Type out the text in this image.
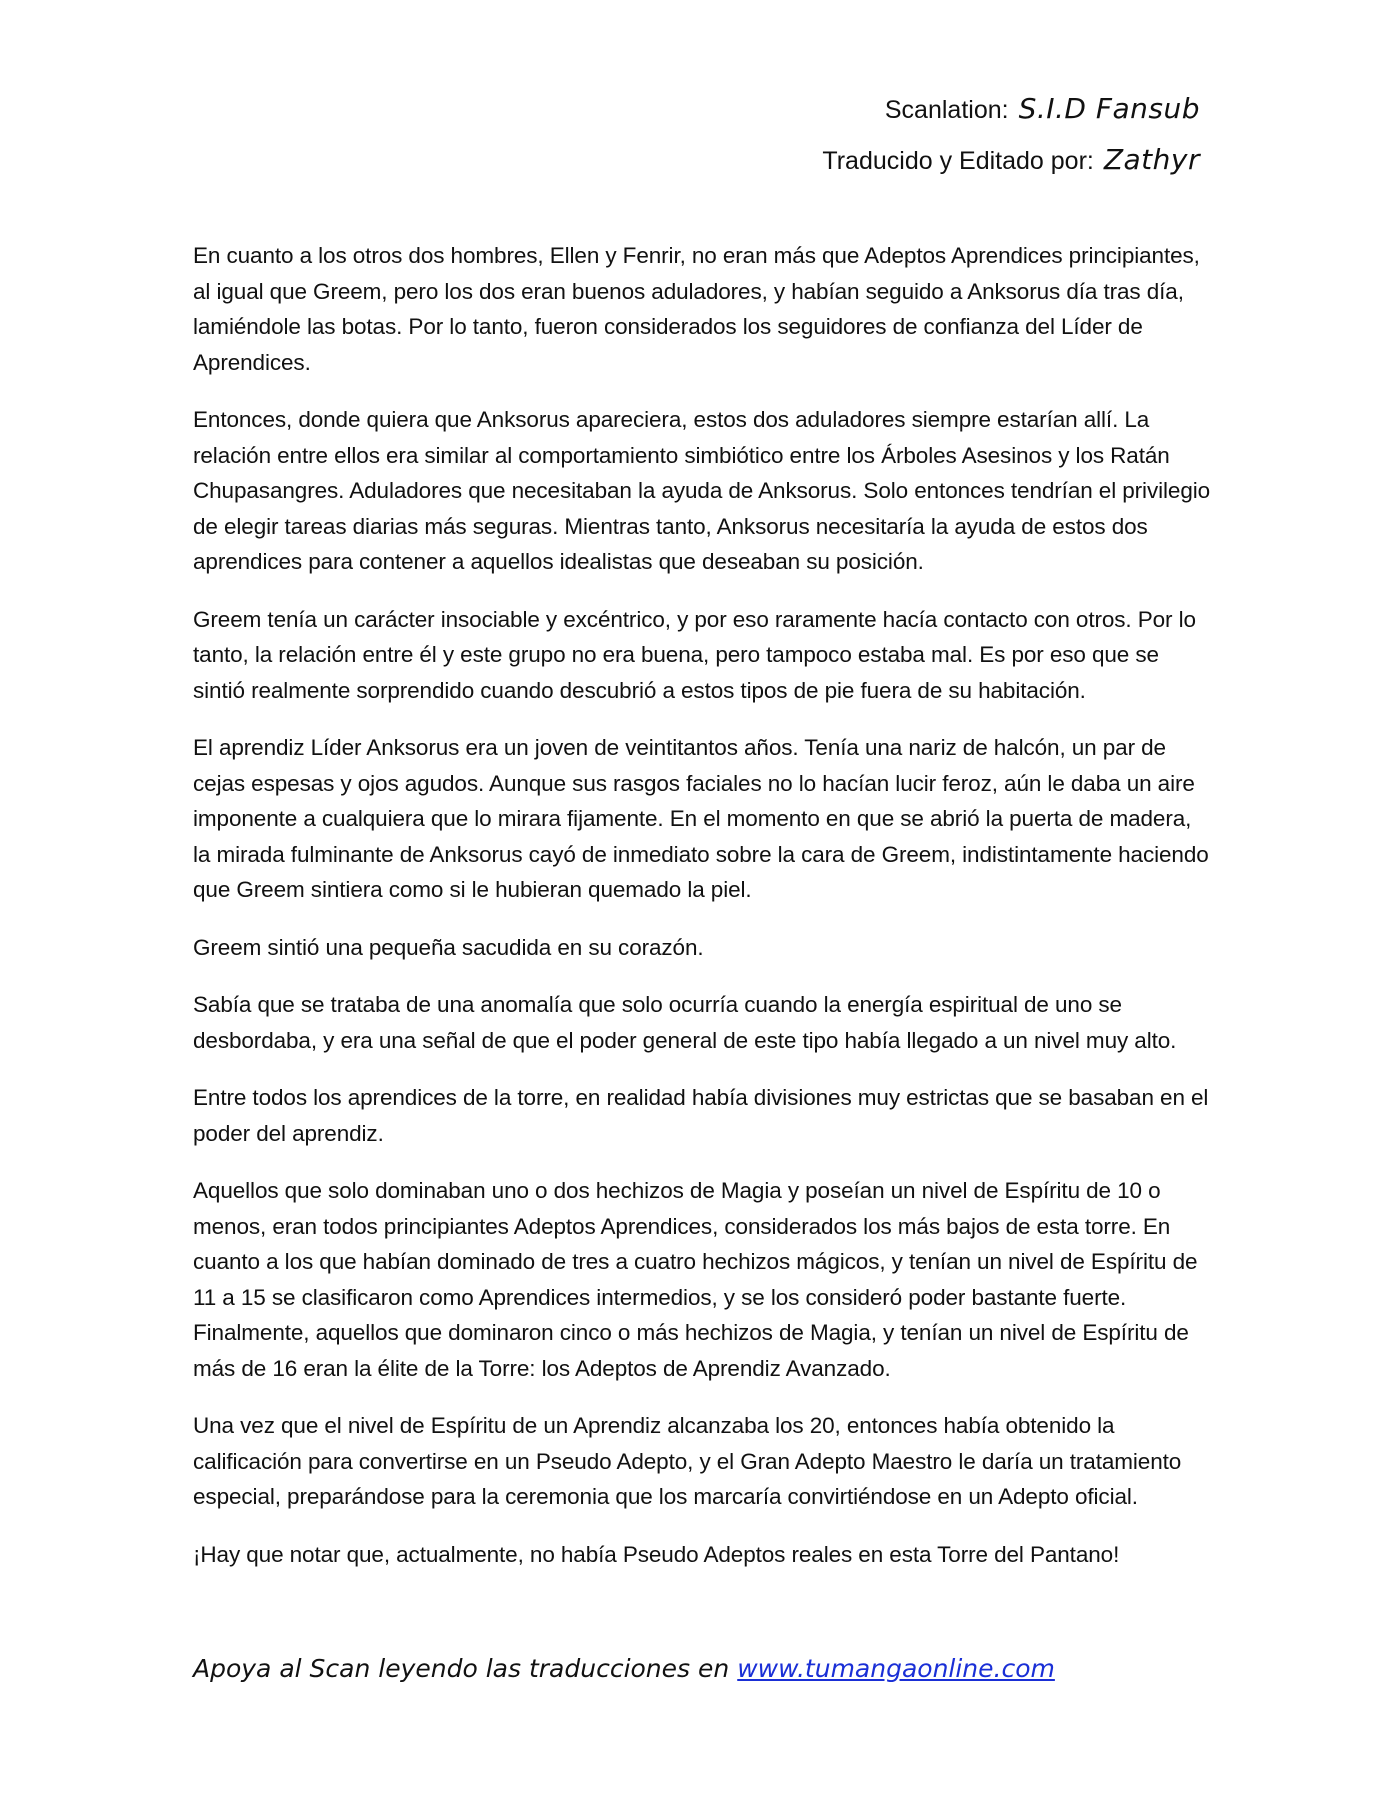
Scanlation: S.I.D Fansub
Traducido y Editado por: Zathyr

En cuanto a los otros dos hombres, Ellen y Fenrir, no eran más que Adeptos Aprendices principiantes, al igual que Greem, pero los dos eran buenos aduladores, y habían seguido a Anksorus día tras día, lamiéndole las botas. Por lo tanto, fueron considerados los seguidores de confianza del Líder de Aprendices.

Entonces, donde quiera que Anksorus apareciera, estos dos aduladores siempre estarían allí. La relación entre ellos era similar al comportamiento simbiótico entre los Árboles Asesinos y los Ratán Chupasangres. Aduladores que necesitaban la ayuda de Anksorus. Solo entonces tendrían el privilegio de elegir tareas diarias más seguras. Mientras tanto, Anksorus necesitaría la ayuda de estos dos aprendices para contener a aquellos idealistas que deseaban su posición.

Greem tenía un carácter insociable y excéntrico, y por eso raramente hacía contacto con otros. Por lo tanto, la relación entre él y este grupo no era buena, pero tampoco estaba mal. Es por eso que se sintió realmente sorprendido cuando descubrió a estos tipos de pie fuera de su habitación.

El aprendiz Líder Anksorus era un joven de veintitantos años. Tenía una nariz de halcón, un par de cejas espesas y ojos agudos. Aunque sus rasgos faciales no lo hacían lucir feroz, aún le daba un aire imponente a cualquiera que lo mirara fijamente. En el momento en que se abrió la puerta de madera, la mirada fulminante de Anksorus cayó de inmediato sobre la cara de Greem, indistintamente haciendo que Greem sintiera como si le hubieran quemado la piel.

Greem sintió una pequeña sacudida en su corazón.

Sabía que se trataba de una anomalía que solo ocurría cuando la energía espiritual de uno se desbordaba, y era una señal de que el poder general de este tipo había llegado a un nivel muy alto.

Entre todos los aprendices de la torre, en realidad había divisiones muy estrictas que se basaban en el poder del aprendiz.

Aquellos que solo dominaban uno o dos hechizos de Magia y poseían un nivel de Espíritu de 10 o menos, eran todos principiantes Adeptos Aprendices, considerados los más bajos de esta torre. En cuanto a los que habían dominado de tres a cuatro hechizos mágicos, y tenían un nivel de Espíritu de 11 a 15 se clasificaron como Aprendices intermedios, y se los consideró poder bastante fuerte. Finalmente, aquellos que dominaron cinco o más hechizos de Magia, y tenían un nivel de Espíritu de más de 16 eran la élite de la Torre: los Adeptos de Aprendiz Avanzado.

Una vez que el nivel de Espíritu de un Aprendiz alcanzaba los 20, entonces había obtenido la calificación para convertirse en un Pseudo Adepto, y el Gran Adepto Maestro le daría un tratamiento especial, preparándose para la ceremonia que los marcaría convirtiéndose en un Adepto oficial.

¡Hay que notar que, actualmente, no había Pseudo Adeptos reales en esta Torre del Pantano!

Apoya al Scan leyendo las traducciones en www.tumangaonline.com
